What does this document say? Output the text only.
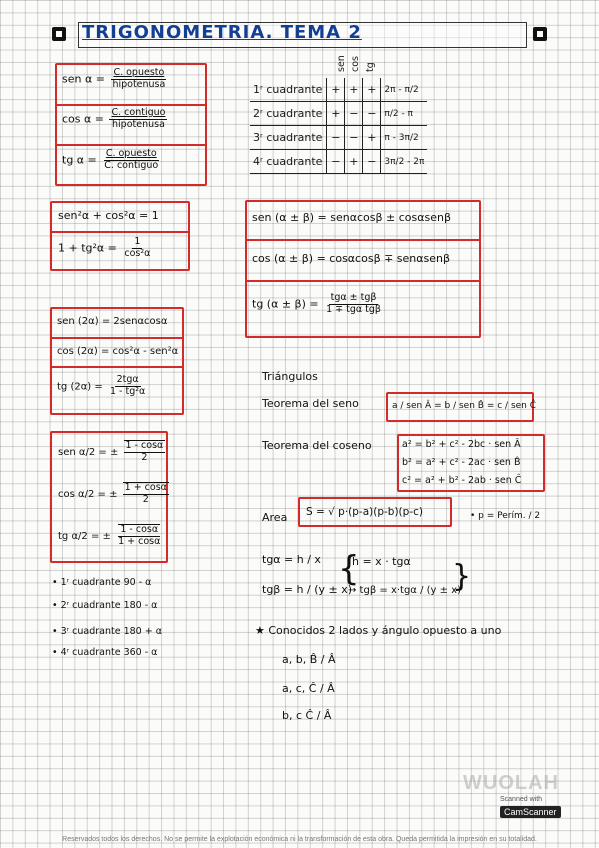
TRIGONOMETRIA. TEMA 2
sen $\alpha = \frac{\text{C. opuesto}}{\text{hipotenusa}}$
$\cos \alpha = \frac{\text{C. contiguo}}{\text{hipotenusa}}$
tg $\alpha = \frac{\text{C. opuesto}}{\text{C. contiguo}}$
sen cos tg
1ʳ cuadrante	+	+	+	2π - π/2
2ʳ cuadrante	+	−	−	π/2 - π
3ʳ cuadrante	−	−	+	π - 3π/2
4ʳ cuadrante	−	+	−	3π/2 - 2π
sen²α + cos²α = 1
$1 + tg^2\alpha = \frac{1}{\text{cos²α}}$
sen (α ± β) = senαcosβ ± cosαsenβ
cos (α ± β) = cosαcosβ ∓ senαsenβ
tg $(\alpha \pm \beta) = \frac{\text{tgα ± tgβ}}{\text{1 ∓ tgα tgβ}}$
sen (2α) = 2senαcosα
cos (2α) = cos²α - sen²α
tg $(2\alpha) = \frac{\text{2tgα}}{\text{1 - tg²α}}$
sen α/2 = ± $\frac{1 - \cos\alpha}{2}$
cos α/2 = ± $\frac{1 + \cos\alpha}{2}$
tg α/2 = ± $\frac{1 - \cos\alpha}{1 + \cos\alpha}$
• 1ʳ cuadrante 90 - α
• 2ʳ cuadrante 180 - α
• 3ʳ cuadrante 180 + α
• 4ʳ cuadrante 360 - α
Triángulos
Teorema del seno	a / sen Â = b / sen B̂ = c / sen Ĉ
Teorema del coseno	a² = b² + c² - 2bc · sen Â
b² = a² + c² - 2ac · sen B̂
c² = a² + b² - 2ab · sen Ĉ
Area S = √ p·(p-a)(p-b)(p-c)	• p = Perím. / 2
tgα = h / x
tgβ = h / (y ± x)
{
h = x · tgα
→ tgβ = x·tgα / (y ± x)
}
★ Conocidos 2 lados y ángulo opuesto a uno
a, b, B̂ / Â
a, c, Ĉ / Â
b, c Ĉ / Â
WUOLAH
Scanned with
CamScanner
Reservados todos los derechos. No se permite la explotación económica ni la transformación de esta obra. Queda permitida la impresión en su totalidad.
